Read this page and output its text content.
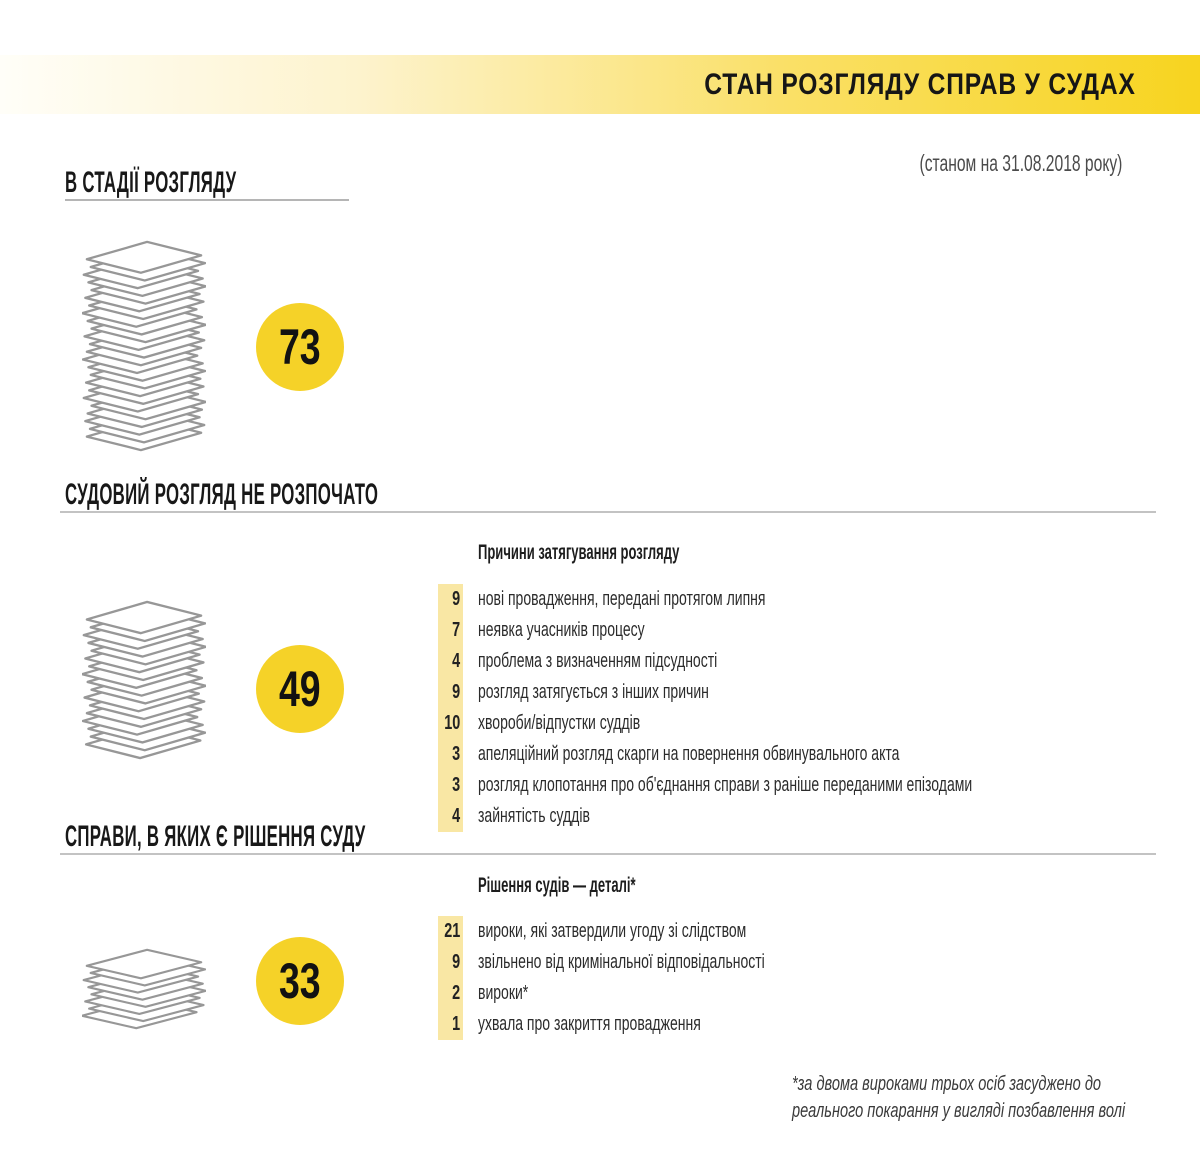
СТАН РОЗГЛЯДУ СПРАВ У СУДАХ
(станом на 31.08.2018 року)
В СТАДІЇ РОЗГЛЯДУ
73
СУДОВИЙ РОЗГЛЯД НЕ РОЗПОЧАТО
49
Причини затягування розгляду
9 нові провадження, передані протягом липня
7 неявка учасників процесу
4 проблема з визначенням підсудності
9 розгляд затягується з інших причин
10 хвороби/відпустки суддів
3 апеляційний розгляд скарги на повернення обвинувального акта
3 розгляд клопотання про об'єднання справи з раніше переданими епізодами
4 зайнятість суддів
СПРАВИ, В ЯКИХ Є РІШЕННЯ СУДУ
33
Рішення судів — деталі*
21 вироки, які затвердили угоду зі слідством
9 звільнено від кримінальної відповідальності
2 вироки*
1 ухвала про закриття провадження
*за двома вироками трьох осіб засуджено до реального покарання у вигляді позбавлення волі
